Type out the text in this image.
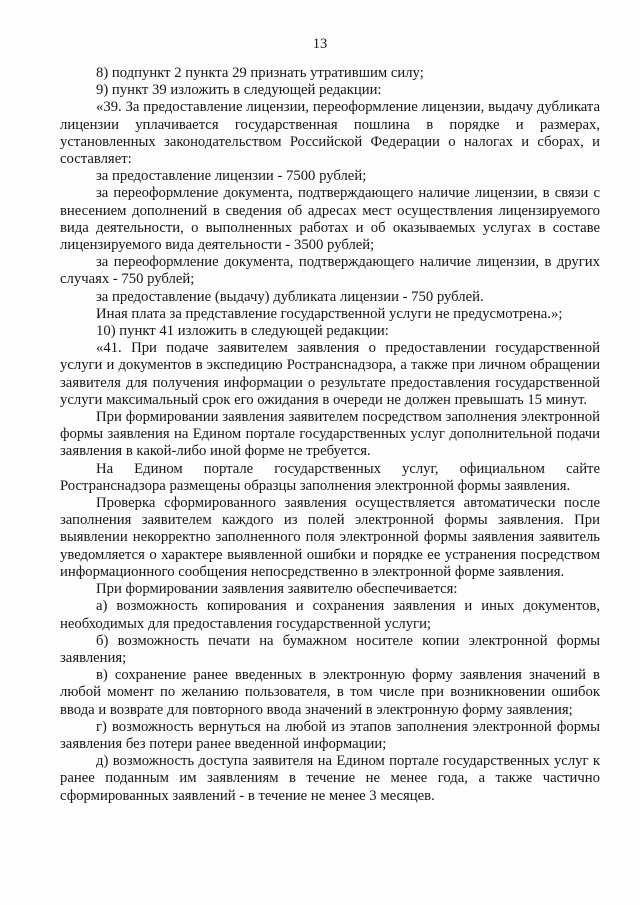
13

8) подпункт 2 пункта 29 признать утратившим силу;

9) пункт 39 изложить в следующей редакции:

«39. За предоставление лицензии, переоформление лицензии, выдачу дубликата лицензии уплачивается государственная пошлина в порядке и размерах, установленных законодательством Российской Федерации о налогах и сборах, и составляет:

за предоставление лицензии - 7500 рублей;

за переоформление документа, подтверждающего наличие лицензии, в связи с внесением дополнений в сведения об адресах мест осуществления лицензируемого вида деятельности, о выполненных работах и об оказываемых услугах в составе лицензируемого вида деятельности - 3500 рублей;

за переоформление документа, подтверждающего наличие лицензии, в других случаях - 750 рублей;

за предоставление (выдачу) дубликата лицензии - 750 рублей.

Иная плата за представление государственной услуги не предусмотрена.»;

10) пункт 41 изложить в следующей редакции:

«41. При подаче заявителем заявления о предоставлении государственной услуги и документов в экспедицию Ространснадзора, а также при личном обращении заявителя для получения информации о результате предоставления государственной услуги максимальный срок его ожидания в очереди не должен превышать 15 минут.

При формировании заявления заявителем посредством заполнения электронной формы заявления на Едином портале государственных услуг дополнительной подачи заявления в какой-либо иной форме не требуется.

На Едином портале государственных услуг, официальном сайте Ространснадзора размещены образцы заполнения электронной формы заявления.

Проверка сформированного заявления осуществляется автоматически после заполнения заявителем каждого из полей электронной формы заявления. При выявлении некорректно заполненного поля электронной формы заявления заявитель уведомляется о характере выявленной ошибки и порядке ее устранения посредством информационного сообщения непосредственно в электронной форме заявления.

При формировании заявления заявителю обеспечивается:

а) возможность копирования и сохранения заявления и иных документов, необходимых для предоставления государственной услуги;

б) возможность печати на бумажном носителе копии электронной формы заявления;

в) сохранение ранее введенных в электронную форму заявления значений в любой момент по желанию пользователя, в том числе при возникновении ошибок ввода и возврате для повторного ввода значений в электронную форму заявления;

г) возможность вернуться на любой из этапов заполнения электронной формы заявления без потери ранее введенной информации;

д) возможность доступа заявителя на Едином портале государственных услуг к ранее поданным им заявлениям в течение не менее года, а также частично сформированных заявлений - в течение не менее 3 месяцев.
